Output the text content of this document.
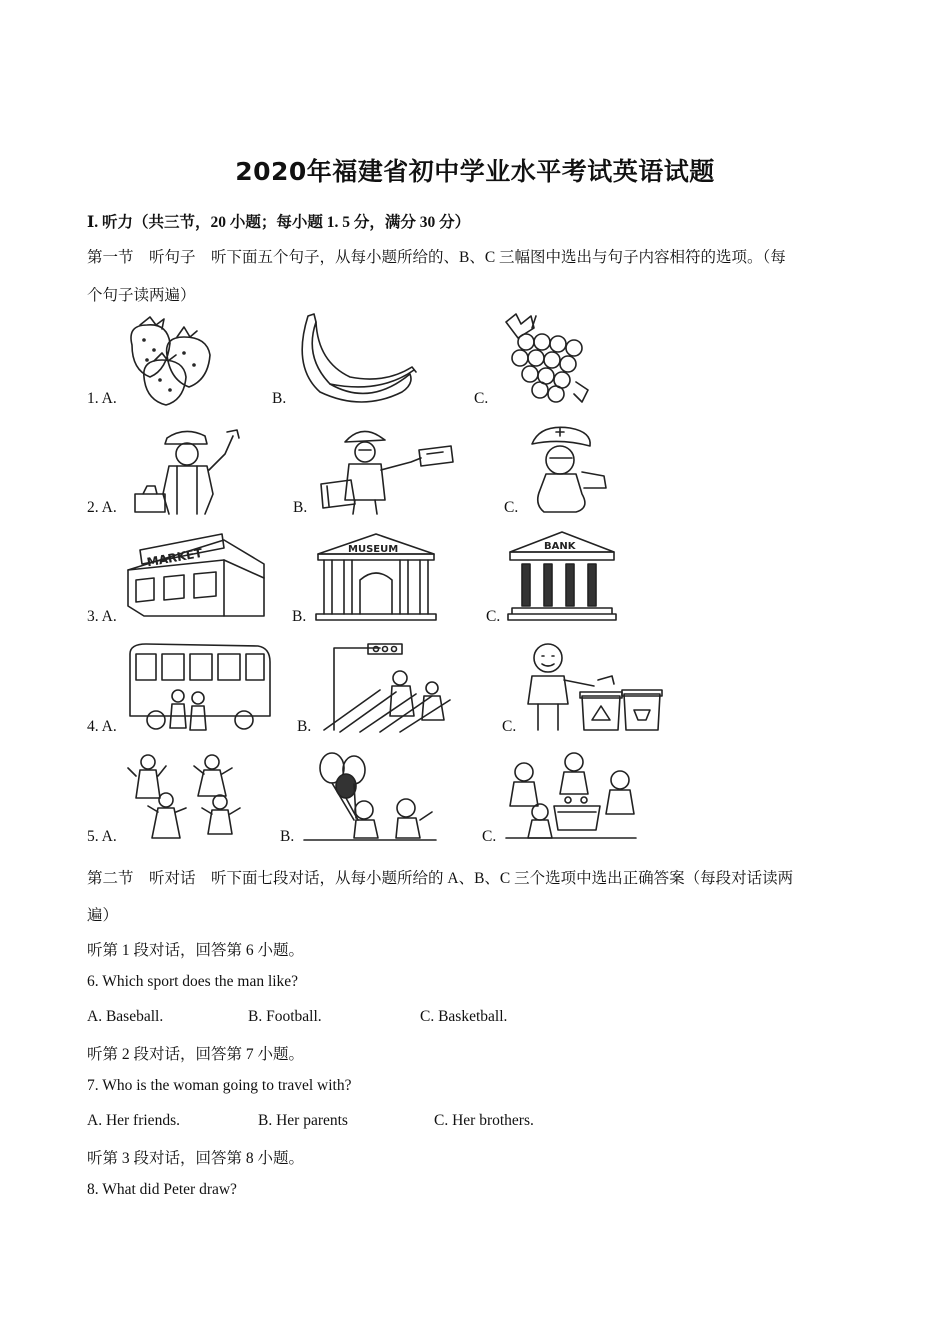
2020年福建省初中学业水平考试英语试题
Ⅰ. 听力（共三节，20 小题；每小题 1. 5 分，满分 30 分）
第一节　听句子　听下面五个句子，从每小题所给的、B、C 三幅图中选出与句子内容相符的选项。（每
个句子读两遍）
1. A.	B.	C.
2. A.	B.	C.
3. A.	B.	C.
MARKET	MUSEUM	BANK
4. A.	B.	C.
5. A.	B.	C.
第二节　听对话　听下面七段对话，从每小题所给的 A、B、C 三个选项中选出正确答案（每段对话读两
遍）
听第 1 段对话，回答第 6 小题。
6. Which sport does the man like?
A. Baseball.	B. Football.	C. Basketball.
听第 2 段对话，回答第 7 小题。
7. Who is the woman going to travel with?
A. Her friends.	B. Her parents	C. Her brothers.
听第 3 段对话，回答第 8 小题。
8. What did Peter draw?
